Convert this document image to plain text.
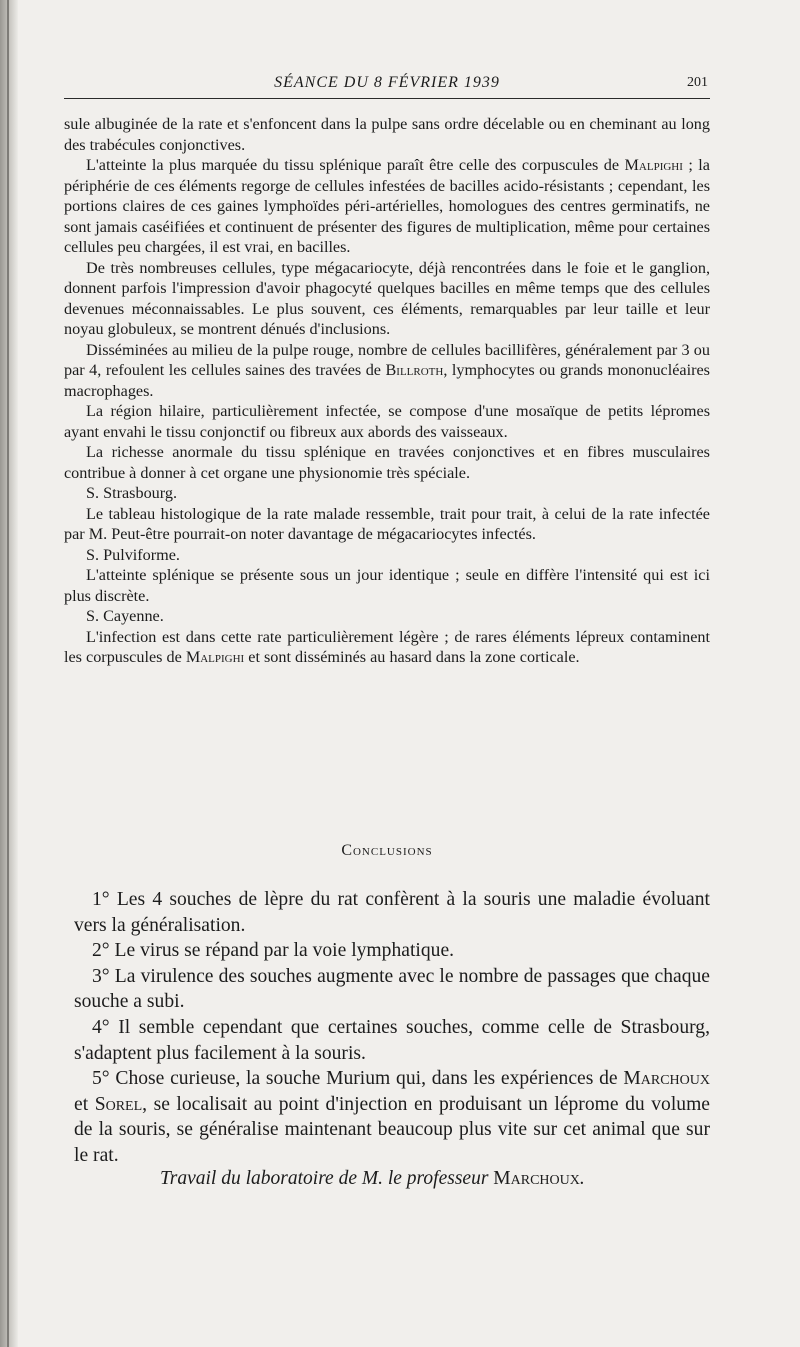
SÉANCE DU 8 FÉVRIER 1939	201

sule albuginée de la rate et s'enfoncent dans la pulpe sans ordre décelable ou en cheminant au long des trabécules conjonctives.

L'atteinte la plus marquée du tissu splénique paraît être celle des corpuscules de Malpighi ; la périphérie de ces éléments regorge de cellules infestées de bacilles acido-résistants ; cependant, les portions claires de ces gaines lymphoïdes péri-artérielles, homologues des centres germinatifs, ne sont jamais caséifiées et continuent de présenter des figures de multiplication, même pour certaines cellules peu chargées, il est vrai, en bacilles.

De très nombreuses cellules, type mégacariocyte, déjà rencontrées dans le foie et le ganglion, donnent parfois l'impression d'avoir phagocyté quelques bacilles en même temps que des cellules devenues méconnaissables. Le plus souvent, ces éléments, remarquables par leur taille et leur noyau globuleux, se montrent dénués d'inclusions.

Disséminées au milieu de la pulpe rouge, nombre de cellules bacillifères, généralement par 3 ou par 4, refoulent les cellules saines des travées de Billroth, lymphocytes ou grands mononucléaires macrophages.

La région hilaire, particulièrement infectée, se compose d'une mosaïque de petits lépromes ayant envahi le tissu conjonctif ou fibreux aux abords des vaisseaux.

La richesse anormale du tissu splénique en travées conjonctives et en fibres musculaires contribue à donner à cet organe une physionomie très spéciale.

S. Strasbourg.

Le tableau histologique de la rate malade ressemble, trait pour trait, à celui de la rate infectée par M. Peut-être pourrait-on noter davantage de mégacariocytes infectés.

S. Pulviforme.

L'atteinte splénique se présente sous un jour identique ; seule en diffère l'intensité qui est ici plus discrète.

S. Cayenne.

L'infection est dans cette rate particulièrement légère ; de rares éléments lépreux contaminent les corpuscules de Malpighi et sont disséminés au hasard dans la zone corticale.

Conclusions

1° Les 4 souches de lèpre du rat confèrent à la souris une maladie évoluant vers la généralisation.

2° Le virus se répand par la voie lymphatique.

3° La virulence des souches augmente avec le nombre de passages que chaque souche a subi.

4° Il semble cependant que certaines souches, comme celle de Strasbourg, s'adaptent plus facilement à la souris.

5° Chose curieuse, la souche Murium qui, dans les expériences de Marchoux et Sorel, se localisait au point d'injection en produisant un lépromе du volume de la souris, se généralise maintenant beaucoup plus vite sur cet animal que sur le rat.

Travail du laboratoire de M. le professeur Marchoux.
